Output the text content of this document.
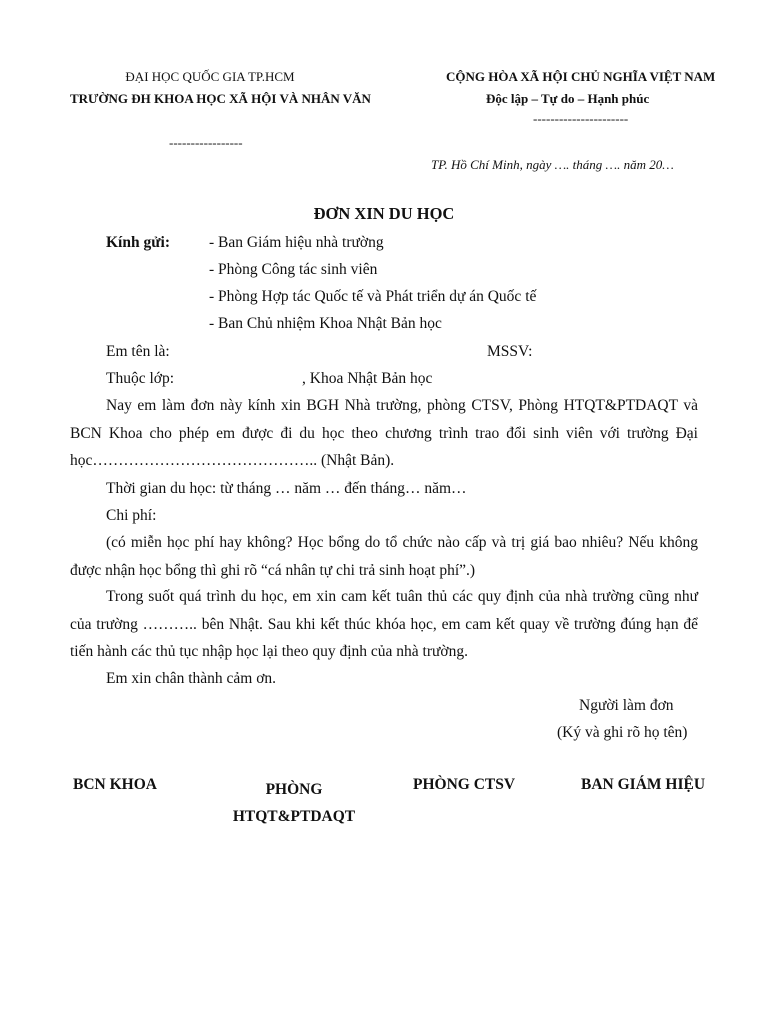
ĐẠI HỌC QUỐC GIA TP.HCM
TRƯỜNG ĐH KHOA HỌC XÃ HỘI VÀ NHÂN VĂN
-----------------
CỘNG HÒA XÃ HỘI CHỦ NGHĨA VIỆT NAM
Độc lập – Tự do – Hạnh phúc
----------------------
TP. Hồ Chí Minh, ngày …. tháng …. năm 20…
ĐƠN XIN DU HỌC
Kính gửi:	- Ban Giám hiệu nhà trường
- Phòng Công tác sinh viên
- Phòng Hợp tác Quốc tế và Phát triển dự án Quốc tế
- Ban Chủ nhiệm Khoa Nhật Bản học
Em tên là:	MSSV:
Thuộc lớp:	, Khoa Nhật Bản học
Nay em làm đơn này kính xin BGH Nhà trường, phòng CTSV, Phòng HTQT&PTDAQT và BCN Khoa cho phép em được đi du học theo chương trình trao đổi sinh viên với trường Đại học…………………………………….. (Nhật Bản).
Thời gian du học: từ tháng … năm … đến tháng… năm…
Chi phí:
(có miễn học phí hay không? Học bổng do tổ chức nào cấp và trị giá bao nhiêu? Nếu không được nhận học bổng thì ghi rõ “cá nhân tự chi trả sinh hoạt phí”.)
Trong suốt quá trình du học, em xin cam kết tuân thủ các quy định của nhà trường cũng như của trường ……….. bên Nhật. Sau khi kết thúc khóa học, em cam kết quay về trường đúng hạn để tiến hành các thủ tục nhập học lại theo quy định của nhà trường.
Em xin chân thành cảm ơn.
Người làm đơn
(Ký và ghi rõ họ tên)
BCN KHOA	PHÒNG
HTQT&PTDAQT
PHÒNG CTSV	BAN GIÁM HIỆU
